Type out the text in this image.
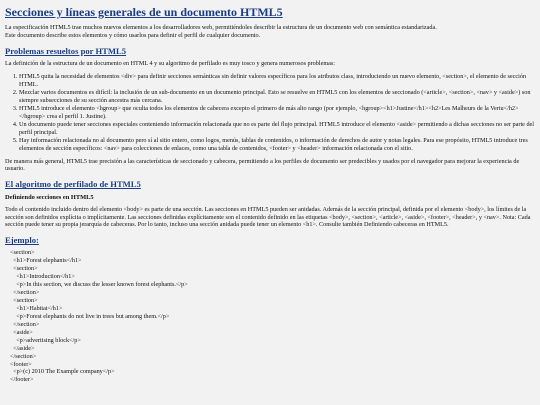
Secciones y líneas generales de un documento HTML5

La especificación HTML5 trae muchos nuevos elementos a los desarrolladores web, permitiéndoles describir la estructura de un documento web con semántica estandarizada.

Este documento describe estos elementos y cómo usarlos para definir el perfil de cualquier documento.

Problemas resueltos por HTML5

La definición de la estructura de un documento en HTML 4 y su algoritmo de perfilado es muy tosco y genera numerosos problemas:

1. HTML5 quita la necesidad de elementos <div> para definir secciones semánticas sin definir valores específicos para los atributos class, introduciendo un nuevo elemento, <section>, el elemento de sección HTML.
2. Mezclar varios documentos es difícil: la inclusión de un sub-documento en un documento principal. Esto se resuelve en HTML5 con los elementos de seccionado (<article>, <section>, <nav> y <aside>) son siempre subsecciones de su sección ancestra más cercana.
3. HTML5 introduce el elemento <hgroup> que oculta todos los elementos de cabecera excepto el primero de más alto rango (por ejemplo, <hgroup><h1>Justine</h1><h2>Les Malheurs de la Vertu</h2></hgroup> crea el perfil 1. Justine).
4. Un documento puede tener secciones especiales conteniendo información relacionada que no es parte del flujo principal. HTML5 introduce el elemento <aside> permitiendo a dichas secciones no ser parte del perfil principal.
5. Hay información relacionada no al documento pero sí al sitio entero, como logos, menús, tablas de contenidos, o información de derechos de autor y notas legales. Para ese propósito, HTML5 introduce tres elementos de sección específicos: <nav> para colecciones de enlaces, como una tabla de contenidos, <footer> y <header> información relacionada con el sitio.

De manera más general, HTML5 trae precisión a las características de seccionado y cabecera, permitiendo a los perfiles de documento ser predecibles y usados por el navegador para mejorar la experiencia de usuario.

El algoritmo de perfilado de HTML5
Definiendo secciones en HTML5

Todo el contenido incluido dentro del elemento <body> es parte de una sección. Las secciones en HTML5 pueden ser anidadas. Además de la sección principal, definida por el elemento <body>, los límites de la sección son definidos explícita o implícitamente. Las secciones definidas explícitamente son el contenido definido en las etiquetas <body>, <section>, <article>, <aside>, <footer>, <header>, y <nav>. Nota: Cada sección puede tener su propia jerarquía de cabeceras. Por lo tanto, incluso una sección anidada puede tener un elemento <h1>. Consulte también Definiendo cabeceras en HTML5.

Ejemplo:
<section>
<h1>Forest elephants</h1>
<section>
<h1>Introduction</h1>
<p>In this section, we discuss the lesser known forest elephants.</p>
</section>
<section>
<h1>Habitat</h1>
<p>Forest elephants do not live in trees but among them.</p>
</section>
<aside>
<p>advertising block</p>
</aside>
</section>
<footer>
<p>(c) 2010 The Example company</p>
</footer>
